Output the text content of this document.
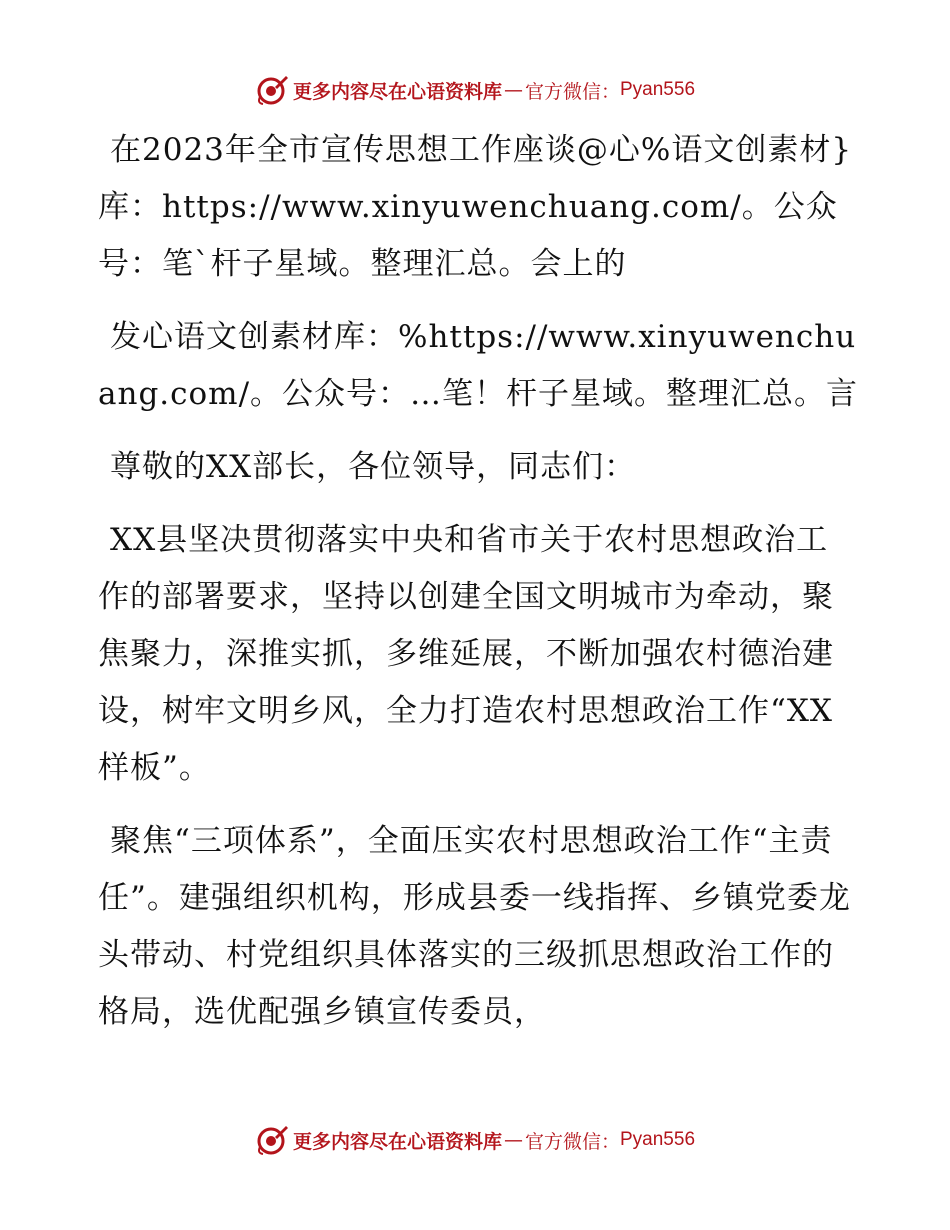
更多内容尽在心语资料库 — 官方微信： Pyan556

在2023年全市宣传思想工作座谈@心%语文创素材}库：https://www.xinyuwenchuang.com/。公众号：笔`杆子星域。整理汇总。会上的

发心语文创素材库：%https://www.xinyuwenchuang.com/。公众号：…笔！杆子星域。整理汇总。言

尊敬的XX部长，各位领导，同志们：

XX县坚决贯彻落实中央和省市关于农村思想政治工作的部署要求，坚持以创建全国文明城市为牵动，聚焦聚力，深推实抓，多维延展，不断加强农村德治建设，树牢文明乡风，全力打造农村思想政治工作“XX样板”。

聚焦“三项体系”，全面压实农村思想政治工作“主责任”。建强组织机构，形成县委一线指挥、乡镇党委龙头带动、村党组织具体落实的三级抓思想政治工作的格局，选优配强乡镇宣传委员，

更多内容尽在心语资料库 — 官方微信： Pyan556
